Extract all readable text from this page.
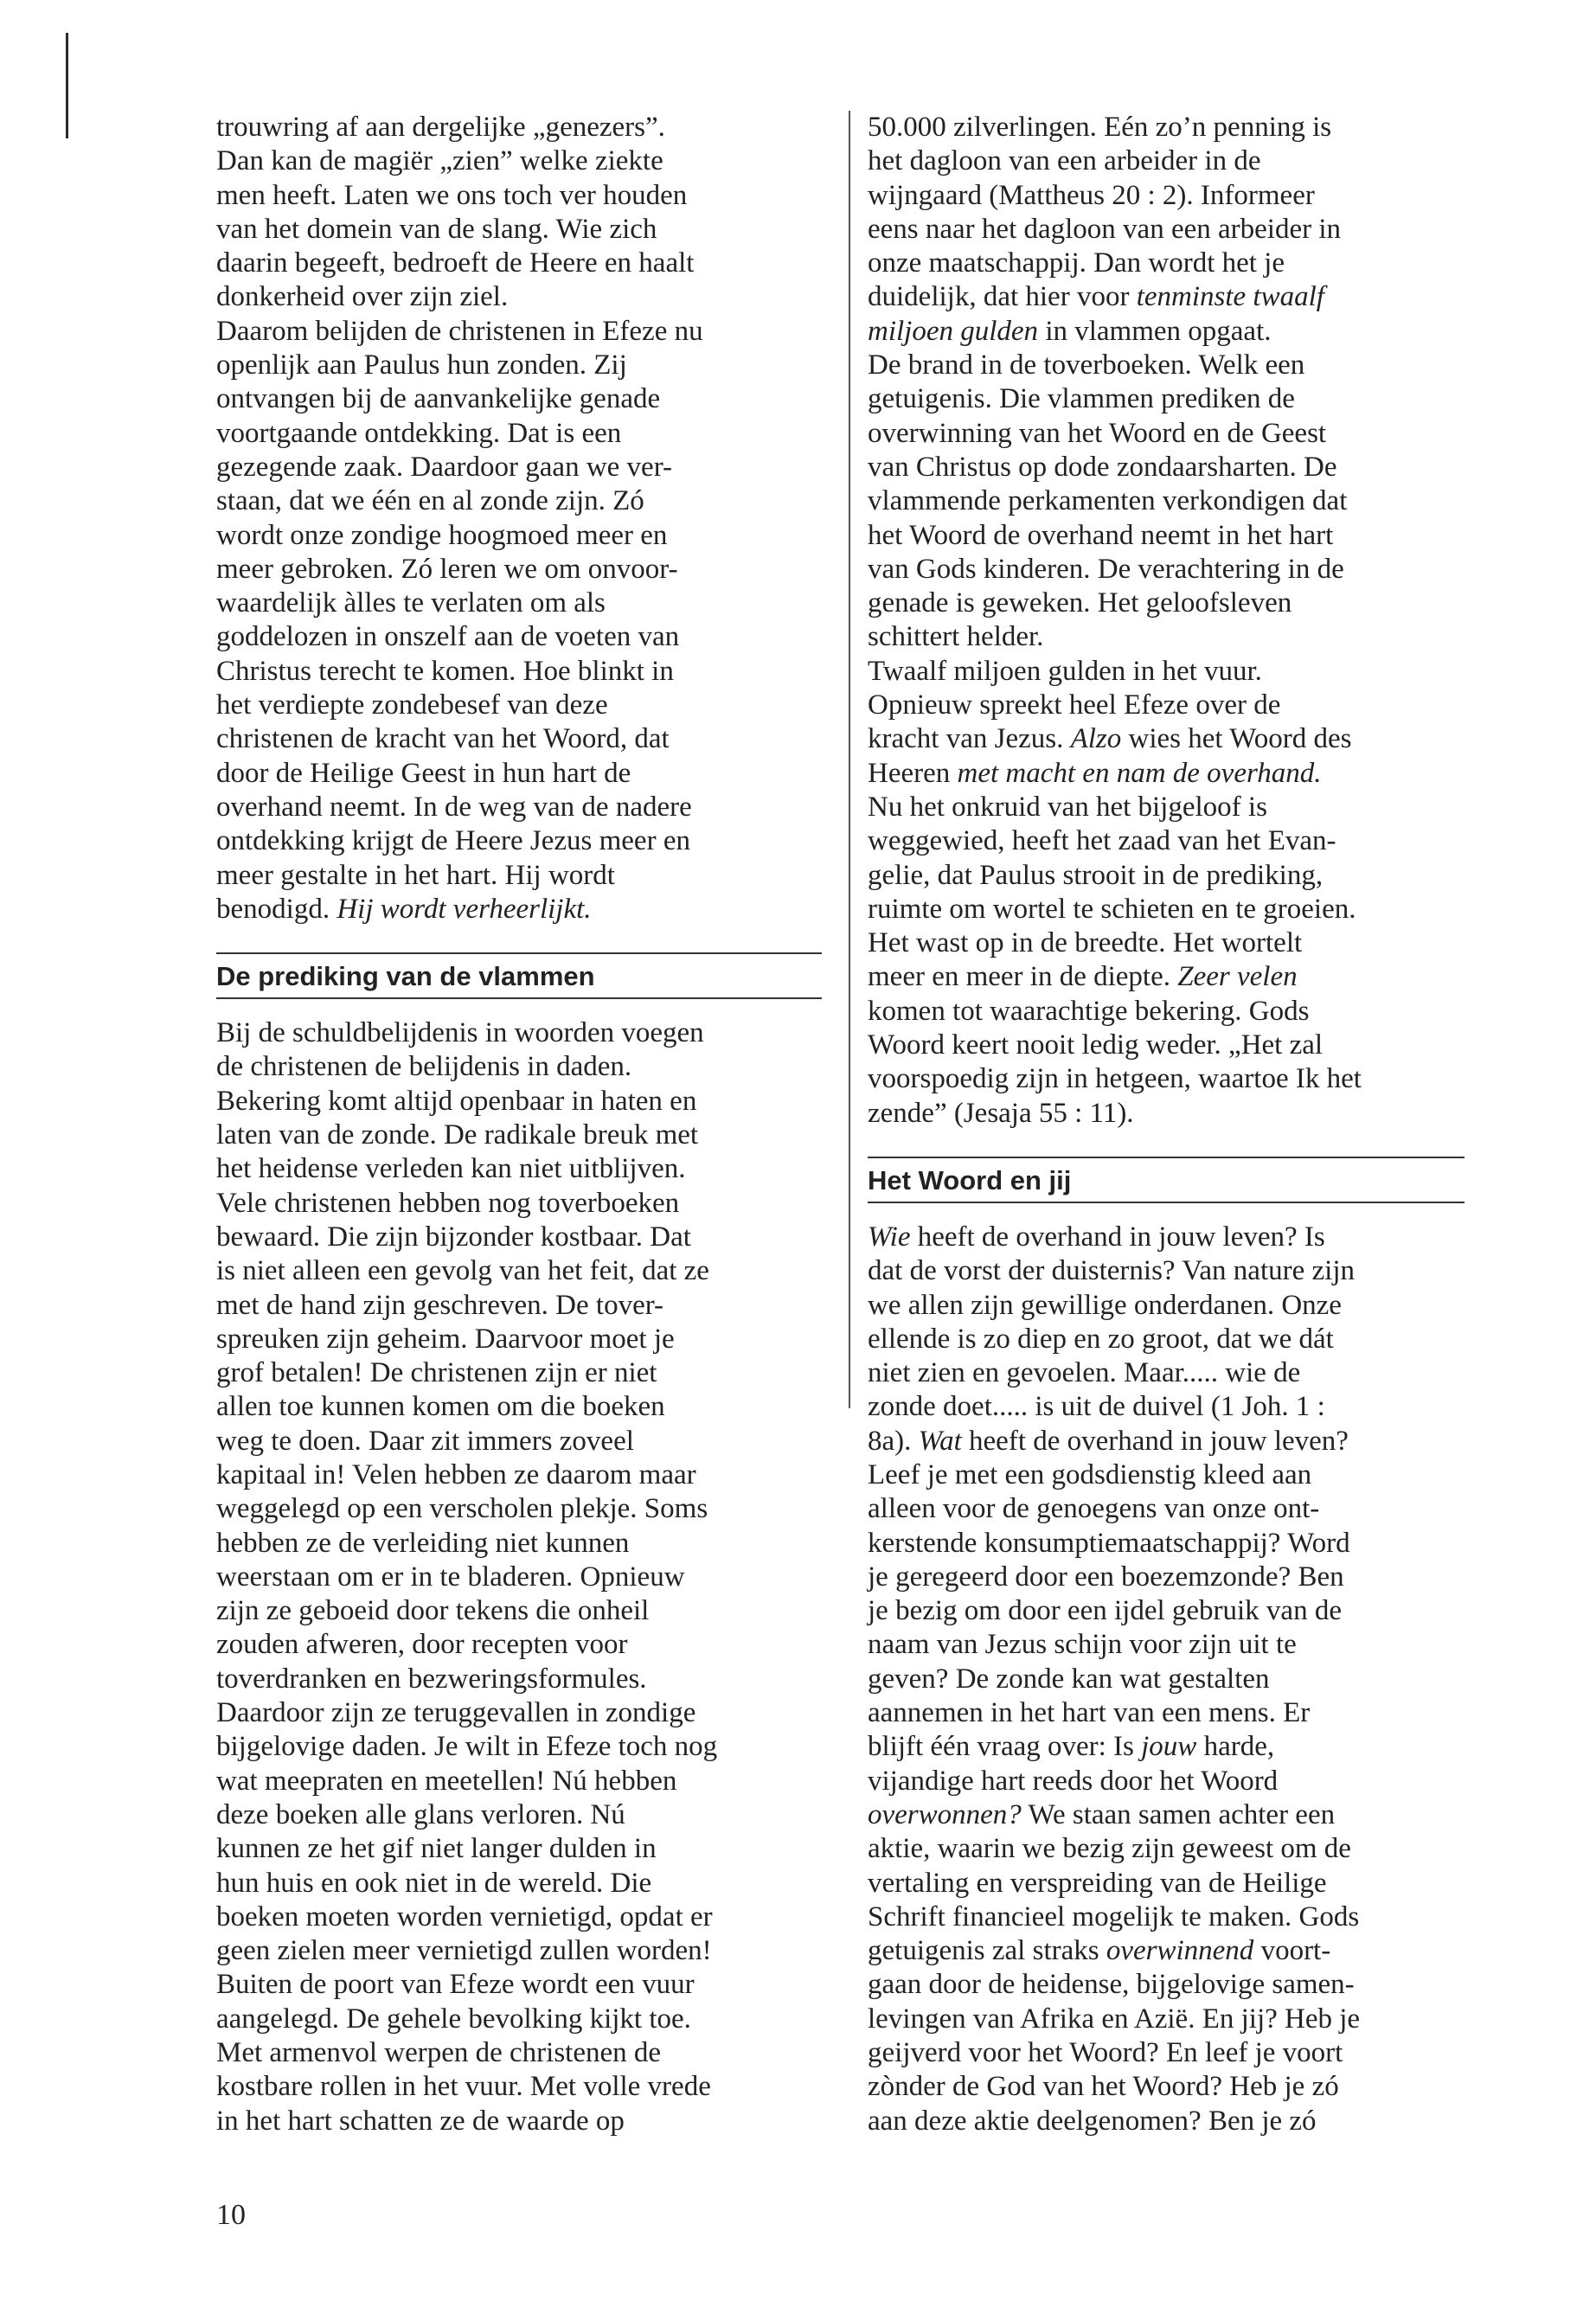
trouwring af aan dergelijke „genezers”.
Dan kan de magiër „zien” welke ziekte
men heeft. Laten we ons toch ver houden
van het domein van de slang. Wie zich
daarin begeeft, bedroeft de Heere en haalt
donkerheid over zijn ziel.
Daarom belijden de christenen in Efeze nu
openlijk aan Paulus hun zonden. Zij
ontvangen bij de aanvankelijke genade
voortgaande ontdekking. Dat is een
gezegende zaak. Daardoor gaan we ver-
staan, dat we één en al zonde zijn. Zó
wordt onze zondige hoogmoed meer en
meer gebroken. Zó leren we om onvoor-
waardelijk àlles te verlaten om als
goddelozen in onszelf aan de voeten van
Christus terecht te komen. Hoe blinkt in
het verdiepte zondebesef van deze
christenen de kracht van het Woord, dat
door de Heilige Geest in hun hart de
overhand neemt. In de weg van de nadere
ontdekking krijgt de Heere Jezus meer en
meer gestalte in het hart. Hij wordt
benodigd. Hij wordt verheerlijkt.
De prediking van de vlammen
Bij de schuldbelijdenis in woorden voegen
de christenen de belijdenis in daden.
Bekering komt altijd openbaar in haten en
laten van de zonde. De radikale breuk met
het heidense verleden kan niet uitblijven.
Vele christenen hebben nog toverboeken
bewaard. Die zijn bijzonder kostbaar. Dat
is niet alleen een gevolg van het feit, dat ze
met de hand zijn geschreven. De tover-
spreuken zijn geheim. Daarvoor moet je
grof betalen! De christenen zijn er niet
allen toe kunnen komen om die boeken
weg te doen. Daar zit immers zoveel
kapitaal in! Velen hebben ze daarom maar
weggelegd op een verscholen plekje. Soms
hebben ze de verleiding niet kunnen
weerstaan om er in te bladeren. Opnieuw
zijn ze geboeid door tekens die onheil
zouden afweren, door recepten voor
toverdranken en bezweringsformules.
Daardoor zijn ze teruggevallen in zondige
bijgelovige daden. Je wilt in Efeze toch nog
wat meepraten en meetellen! Nú hebben
deze boeken alle glans verloren. Nú
kunnen ze het gif niet langer dulden in
hun huis en ook niet in de wereld. Die
boeken moeten worden vernietigd, opdat er
geen zielen meer vernietigd zullen worden!
Buiten de poort van Efeze wordt een vuur
aangelegd. De gehele bevolking kijkt toe.
Met armenvol werpen de christenen de
kostbare rollen in het vuur. Met volle vrede
in het hart schatten ze de waarde op
50.000 zilverlingen. Eén zo’n penning is
het dagloon van een arbeider in de
wijngaard (Mattheus 20 : 2). Informeer
eens naar het dagloon van een arbeider in
onze maatschappij. Dan wordt het je
duidelijk, dat hier voor tenminste twaalf
miljoen gulden in vlammen opgaat.
De brand in de toverboeken. Welk een
getuigenis. Die vlammen prediken de
overwinning van het Woord en de Geest
van Christus op dode zondaarsharten. De
vlammende perkamenten verkondigen dat
het Woord de overhand neemt in het hart
van Gods kinderen. De verachtering in de
genade is geweken. Het geloofsleven
schittert helder.
Twaalf miljoen gulden in het vuur.
Opnieuw spreekt heel Efeze over de
kracht van Jezus. Alzo wies het Woord des
Heeren met macht en nam de overhand.
Nu het onkruid van het bijgeloof is
weggewied, heeft het zaad van het Evan-
gelie, dat Paulus strooit in de prediking,
ruimte om wortel te schieten en te groeien.
Het wast op in de breedte. Het wortelt
meer en meer in de diepte. Zeer velen
komen tot waarachtige bekering. Gods
Woord keert nooit ledig weder. „Het zal
voorspoedig zijn in hetgeen, waartoe Ik het
zende” (Jesaja 55 : 11).
Het Woord en jij
Wie heeft de overhand in jouw leven? Is
dat de vorst der duisternis? Van nature zijn
we allen zijn gewillige onderdanen. Onze
ellende is zo diep en zo groot, dat we dát
niet zien en gevoelen. Maar..... wie de
zonde doet..... is uit de duivel (1 Joh. 1 :
8a). Wat heeft de overhand in jouw leven?
Leef je met een godsdienstig kleed aan
alleen voor de genoegens van onze ont-
kerstende konsumptiemaatschappij? Word
je geregeerd door een boezemzonde? Ben
je bezig om door een ijdel gebruik van de
naam van Jezus schijn voor zijn uit te
geven? De zonde kan wat gestalten
aannemen in het hart van een mens. Er
blijft één vraag over: Is jouw harde,
vijandige hart reeds door het Woord
overwonnen? We staan samen achter een
aktie, waarin we bezig zijn geweest om de
vertaling en verspreiding van de Heilige
Schrift financieel mogelijk te maken. Gods
getuigenis zal straks overwinnend voort-
gaan door de heidense, bijgelovige samen-
levingen van Afrika en Azië. En jij? Heb je
geijverd voor het Woord? En leef je voort
zònder de God van het Woord? Heb je zó
aan deze aktie deelgenomen? Ben je zó
10
